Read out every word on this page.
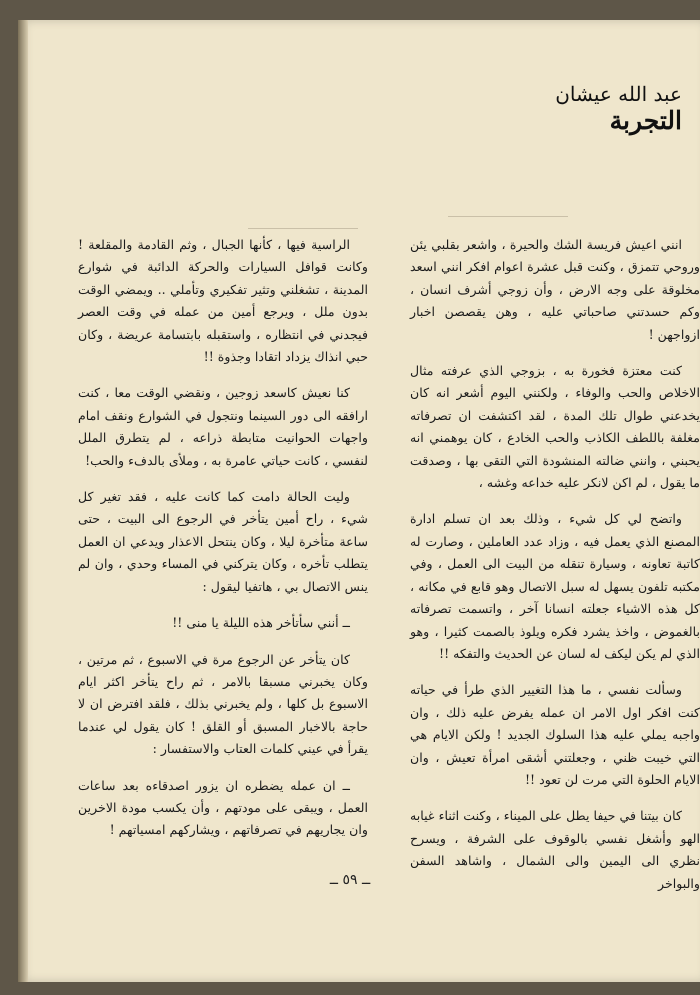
عبد الله عيشان
التجربة

انني اعيش فريسة الشك والحيرة ، واشعر بقلبي يئن وروحي تتمزق ، وكنت قبل عشرة اعوام افكر انني اسعد مخلوقة على وجه الارض ، وأن زوجي أشرف انسان ، وكم حسدتني صاحباتي عليه ، وهن يقصصن اخبار ازواجهن !

كنت معتزة فخورة به ، بزوجي الذي عرفته مثال الاخلاص والحب والوفاء ، ولكنني اليوم أشعر انه كان يخدعني طوال تلك المدة ، لقد اكتشفت ان تصرفاته مغلفة باللطف الكاذب والحب الخادع ، كان يوهمني انه يحبني ، وانني ضالته المنشودة التي التقى بها ، وصدقت ما يقول ، لم اكن لانكر عليه خداعه وغشه ،

واتضح لي كل شيء ، وذلك بعد ان تسلم ادارة المصنع الذي يعمل فيه ، وزاد عدد العاملين ، وصارت له كاتبة تعاونه ، وسيارة تنقله من البيت الى العمل ، وفي مكتبه تلفون يسهل له سبل الاتصال وهو قابع في مكانه ، كل هذه الاشياء جعلته انسانا آخر ، واتسمت تصرفاته بالغموض ، واخذ يشرد فكره ويلوذ بالصمت كثيرا ، وهو الذي لم يكن ليكف له لسان عن الحديث والتفكه !!

وسألت نفسي ، ما هذا التغيير الذي طرأ في حياته كنت افكر اول الامر ان عمله يفرض عليه ذلك ، وان واجبه يملي عليه هذا السلوك الجديد ! ولكن الايام هي التي خيبت ظني ، وجعلتني أشقى امرأة تعيش ، وان الايام الحلوة التي مرت لن تعود !!

كان بيتنا في حيفا يطل على الميناء ، وكنت اثناء غيابه الهو وأشغل نفسي بالوقوف على الشرفة ، ويسرح نظري الى اليمين والى الشمال ، واشاهد السفن والبواخر

الراسية فيها ، كأنها الجبال ، وثم القادمة والمقلعة ! وكانت قوافل السيارات والحركة الدائبة في شوارع المدينة ، تشغلني وتثير تفكيري وتأملي .. ويمضي الوقت بدون ملل ، ويرجع أمين من عمله في وقت العصر فيجدني في انتظاره ، واستقبله بابتسامة عريضة ، وكان حبي انذاك يزداد اتقادا وجذوة !!

كنا نعيش كاسعد زوجين ، ونقضي الوقت معا ، كنت ارافقه الى دور السينما ونتجول في الشوارع ونقف امام واجهات الحوانيت متابطة ذراعه ، لم يتطرق الملل لنفسي ، كانت حياتي عامرة به ، وملأى بالدفء والحب!

وليت الحالة دامت كما كانت عليه ، فقد تغير كل شيء ، راح أمين يتأخر في الرجوع الى البيت ، حتى ساعة متأخرة ليلا ، وكان ينتحل الاعذار ويدعي ان العمل يتطلب تأخره ، وكان يتركني في المساء وحدي ، وان لم ينس الاتصال بي ، هاتفيا ليقول :

ــ أنني سأتأخر هذه الليلة يا منى !!

كان يتأخر عن الرجوع مرة في الاسبوع ، ثم مرتين ، وكان يخبرني مسبقا بالامر ، ثم راح يتأخر اكثر ايام الاسبوع بل كلها ، ولم يخبرني بذلك ، فلقد افترض ان لا حاجة بالاخبار المسبق أو القلق ! كان يقول لي عندما يقرأ في عيني كلمات العتاب والاستفسار :

ــ ان عمله يضطره ان يزور اصدقاءه بعد ساعات العمل ، ويبقى على مودتهم ، وأن يكسب مودة الاخرين وان يجاريهم في تصرفاتهم ، ويشاركهم امسياتهم !

ــ ٥٩ ــ
